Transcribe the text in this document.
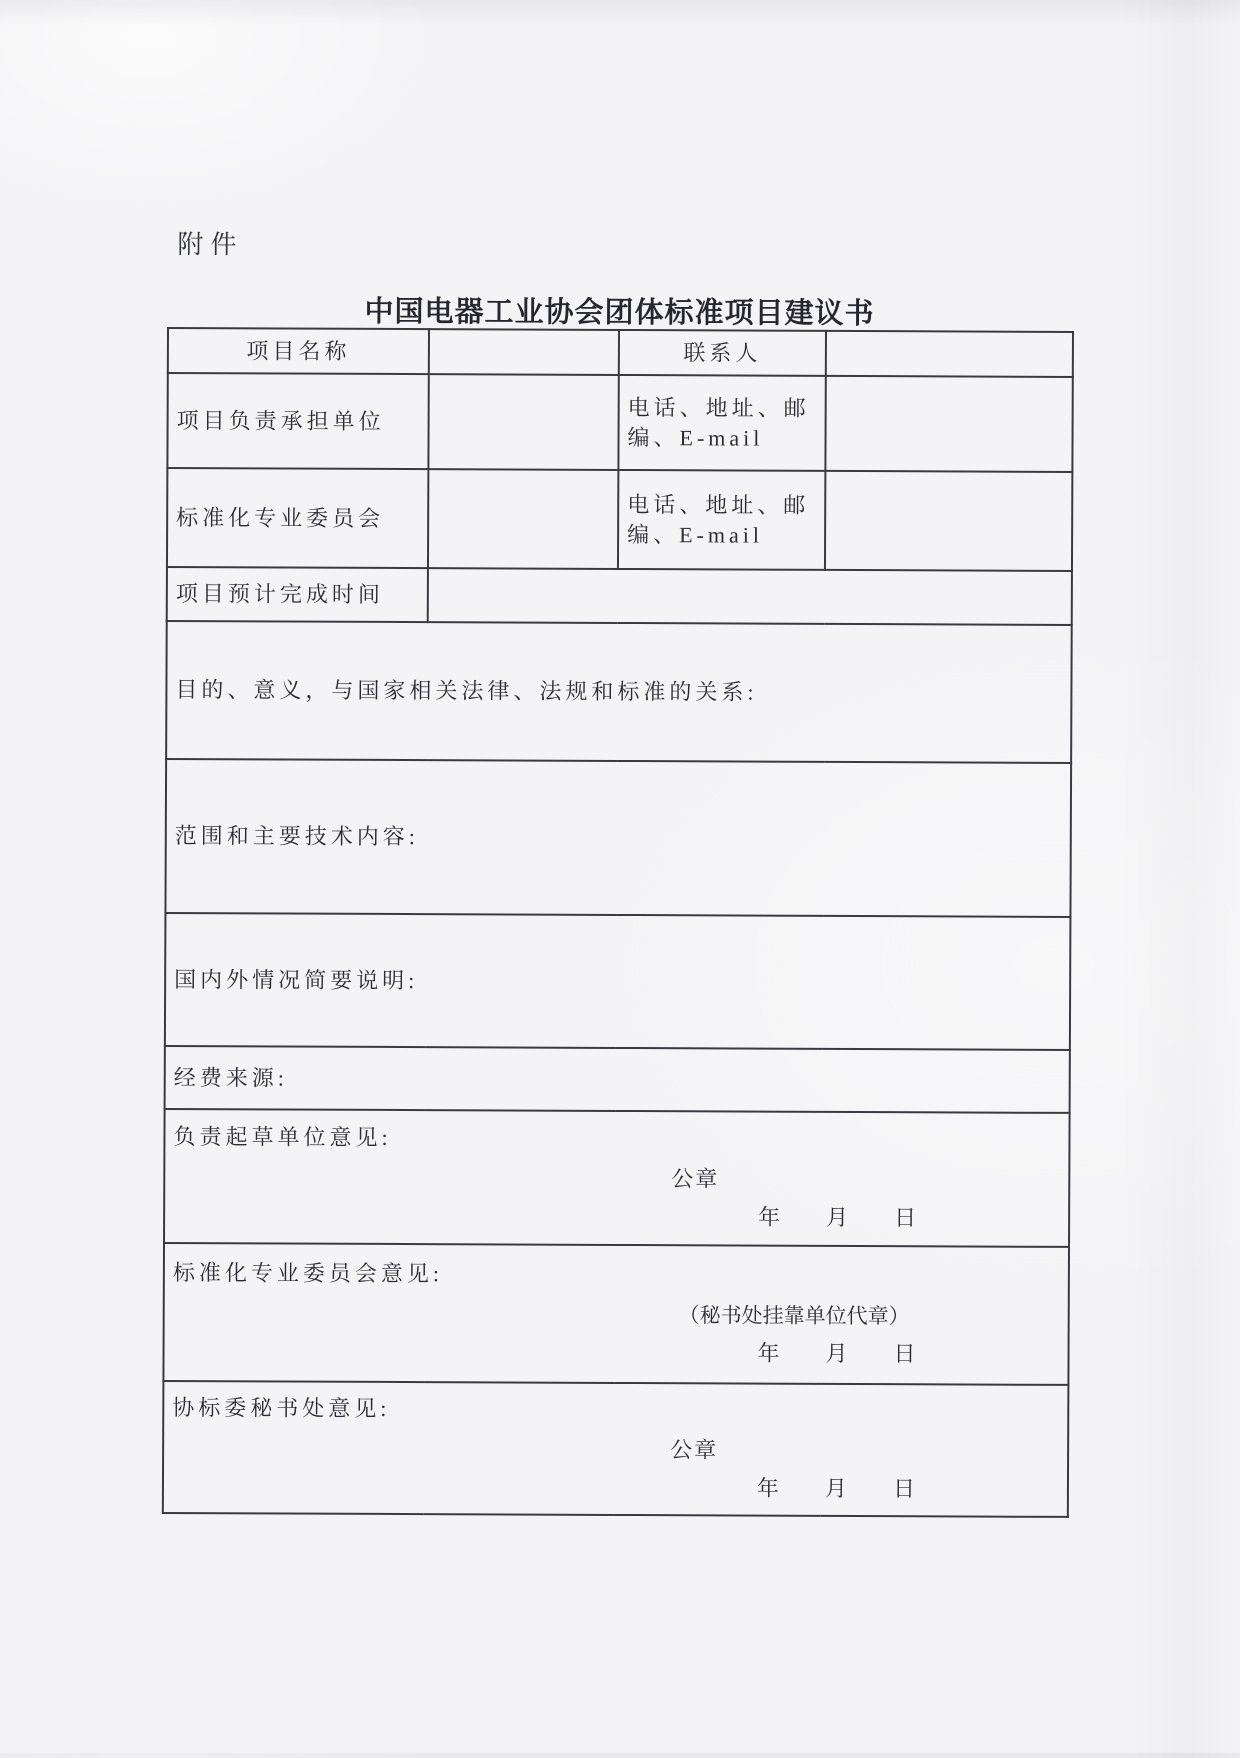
附件
中国电器工业协会团体标准项目建议书
项目名称		联系人	
项目负责承担单位		电话、地址、邮编、E-mail	
标准化专业委员会		电话、地址、邮编、E-mail	
项目预计完成时间			

目的、意义，与国家相关法律、法规和标准的关系:			

范围和主要技术内容:			

国内外情况简要说明:			

经费来源:			

负责起草单位意见:
公章
年 月 日			

标准化专业委员会意见:
（秘书处挂靠单位代章）
年 月 日			

协标委秘书处意见:
公章
年 月 日			
